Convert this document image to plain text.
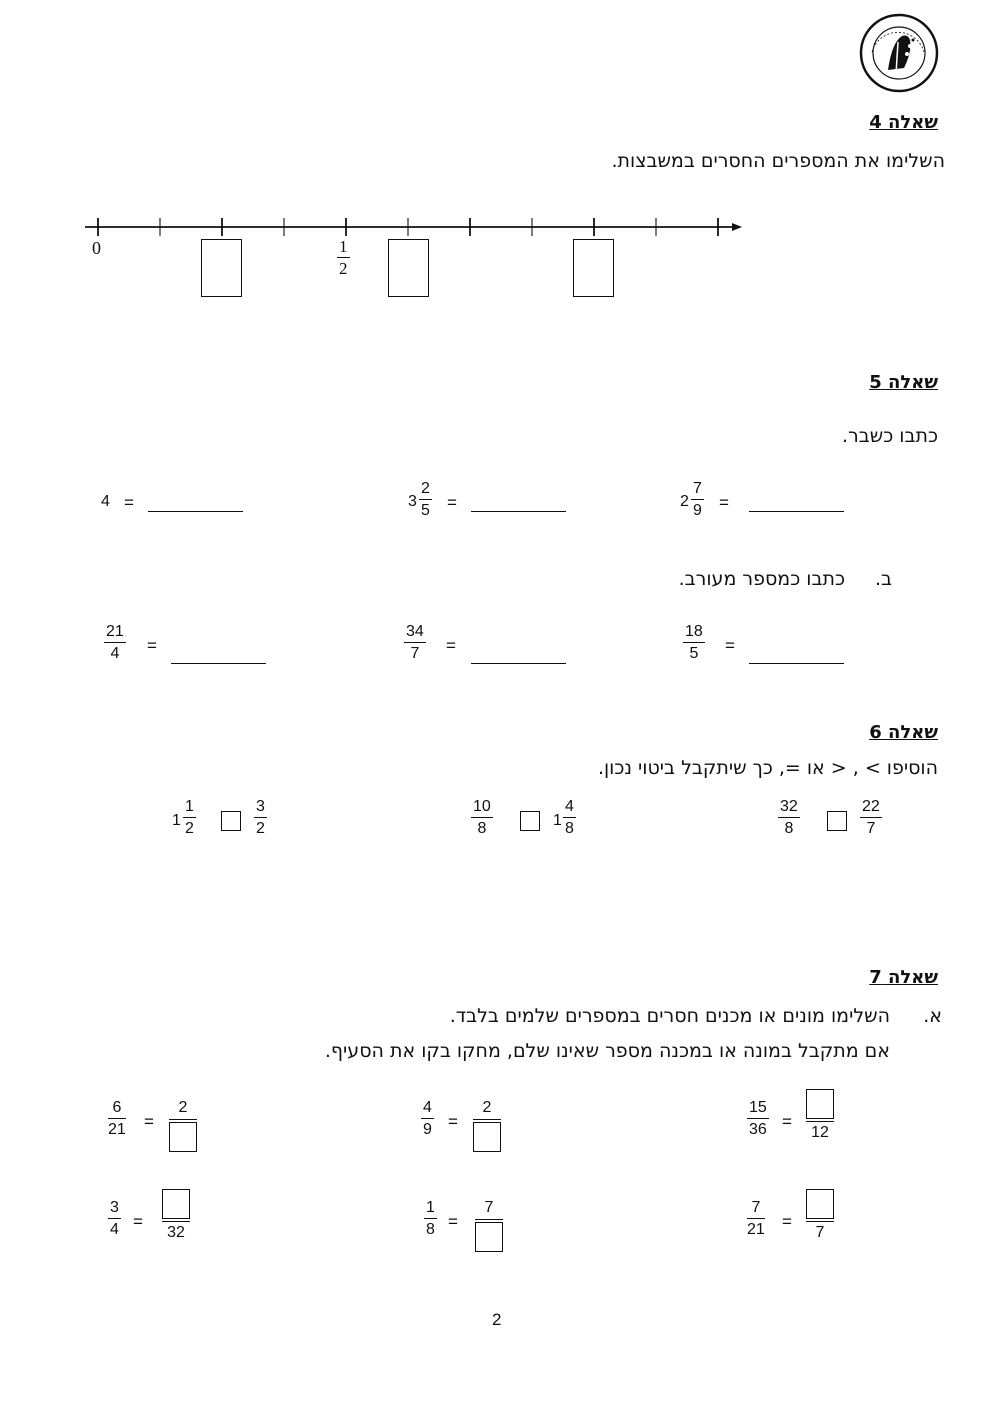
שאלה 4
השלימו את המספרים החסרים במשבצות.
0	1
2
שאלה 5
כתבו כשבר.
2
7
9 =
3
2
5 =
4 =
ב.
כתבו כמספר מעורב.
18
5 =
34
7 =
21
4 =
שאלה 6
הוסיפו > , < או =, כך שיתקבל ביטוי נכון.
32
8
22
7
10
8	1
4
8
1
1
2
3
2
שאלה 7
א.
השלימו מונים או מכנים חסרים במספרים שלמים בלבד.
אם מתקבל במונה או במכנה מספר שאינו שלם, מחקו בקו את הסעיף.
15
36 =
12
4
9 =
2
6
21 =
2
7
21 =
7
1
8 =
7
3
4 =
32
2
